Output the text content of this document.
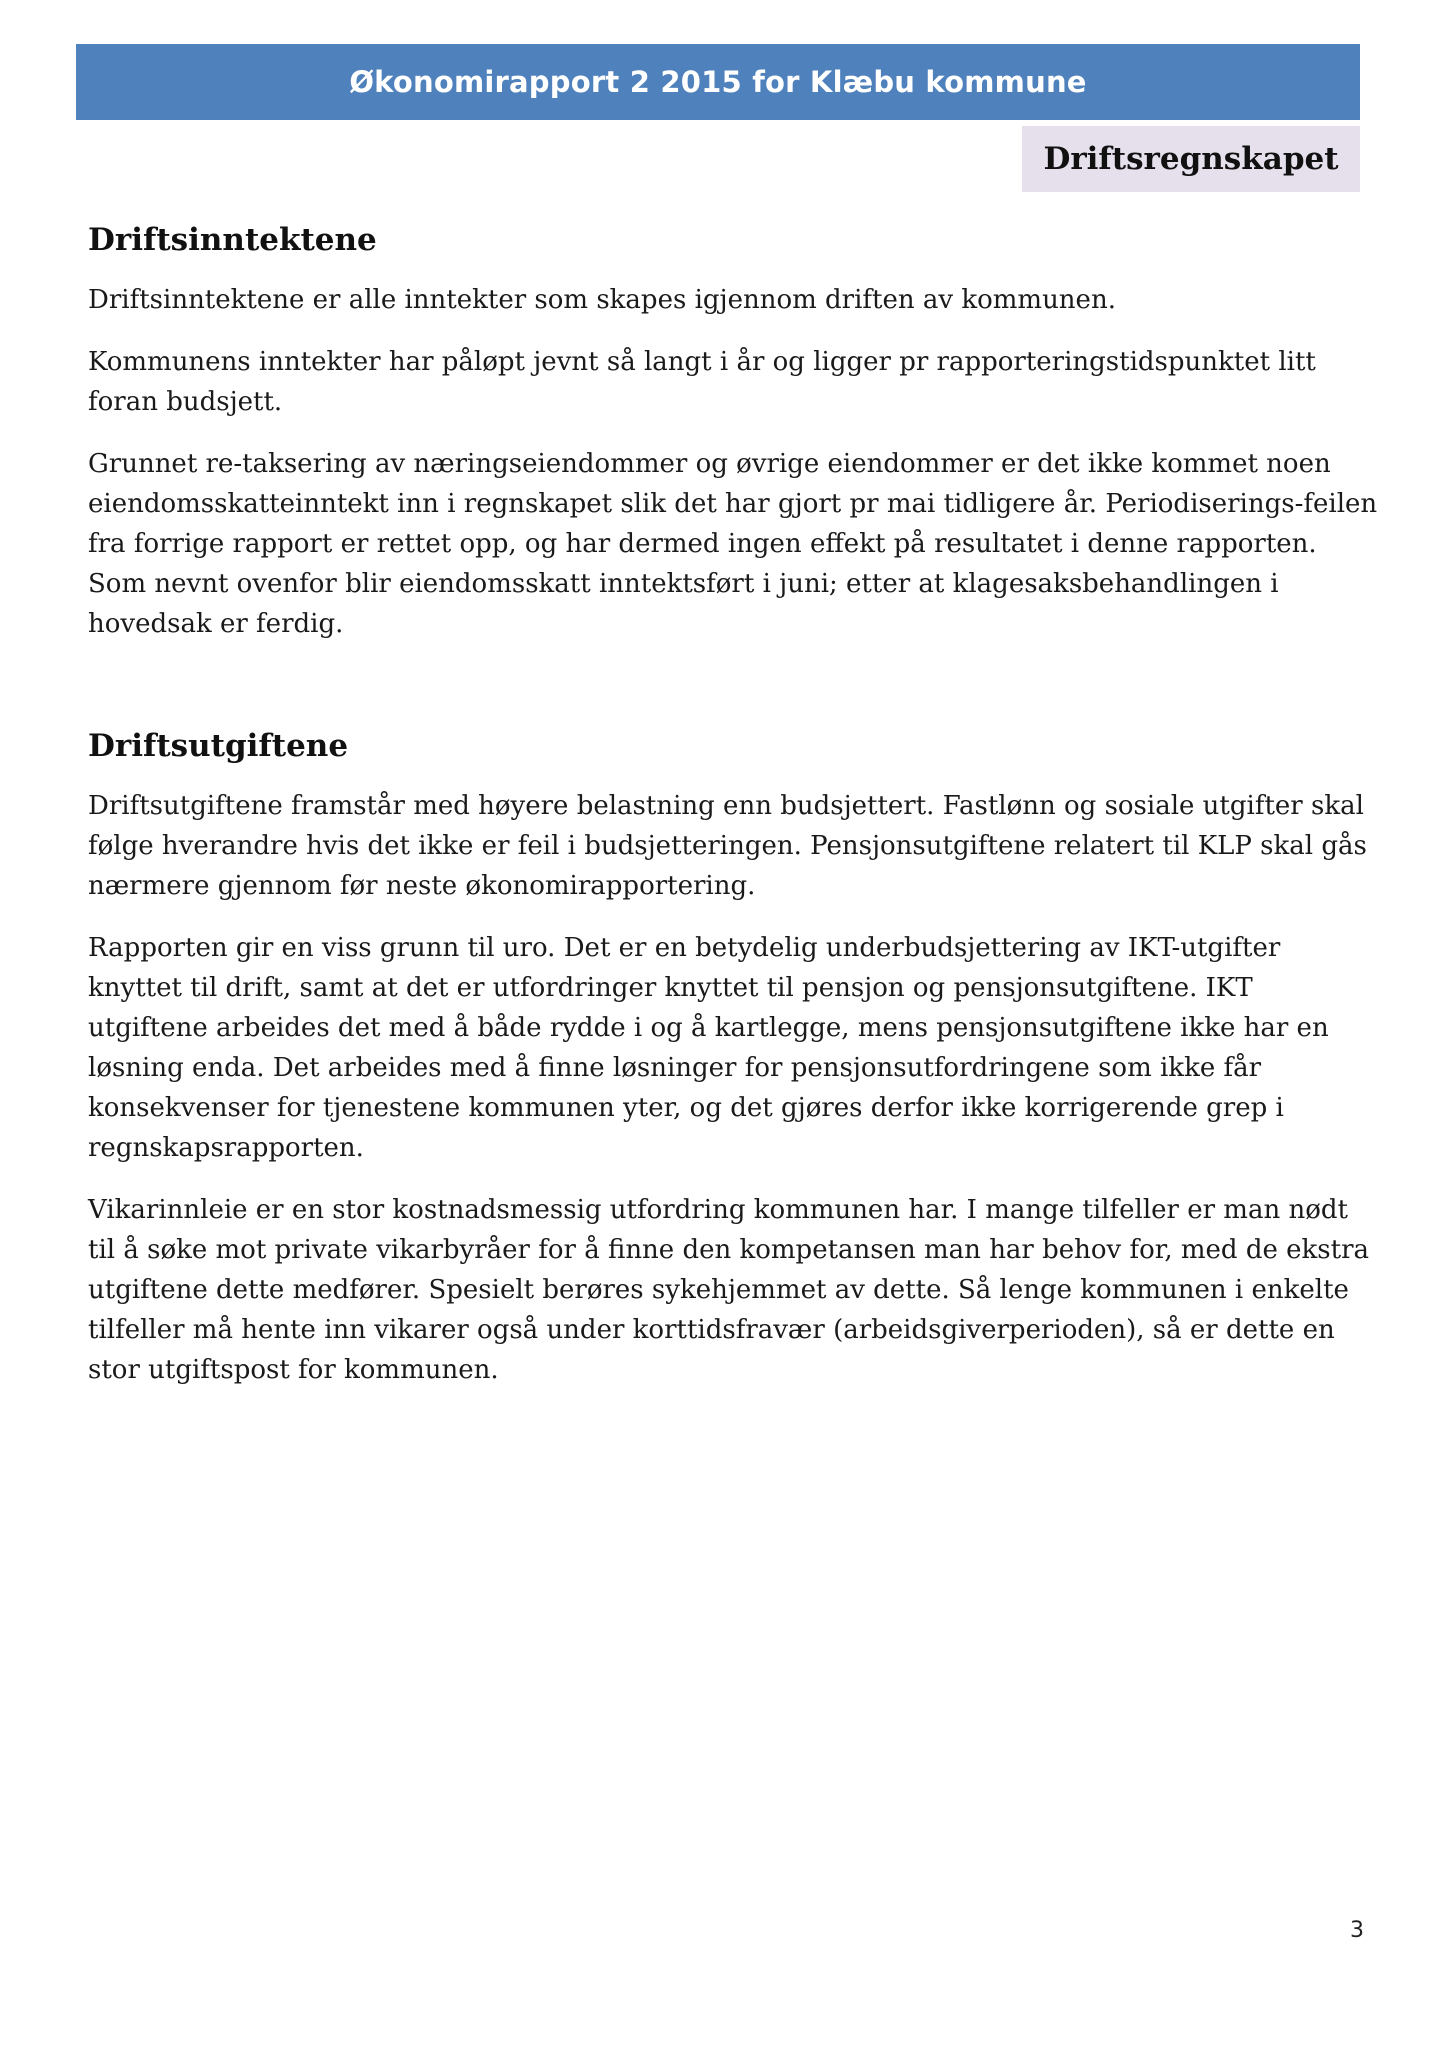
Økonomirapport 2 2015 for Klæbu kommune
Driftsregnskapet
Driftsinntektene

Driftsinntektene er alle inntekter som skapes igjennom driften av kommunen.

Kommunens inntekter har påløpt jevnt så langt i år og ligger pr rapporteringstidspunktet litt foran budsjett.

Grunnet re-taksering av næringseiendommer og øvrige eiendommer er det ikke kommet noen eiendomsskatteinntekt inn i regnskapet slik det har gjort pr mai tidligere år. Periodiserings-feilen fra forrige rapport er rettet opp, og har dermed ingen effekt på resultatet i denne rapporten. Som nevnt ovenfor blir eiendomsskatt inntektsført i juni; etter at klagesaksbehandlingen i hovedsak er ferdig.

Driftsutgiftene

Driftsutgiftene framstår med høyere belastning enn budsjettert. Fastlønn og sosiale utgifter skal følge hverandre hvis det ikke er feil i budsjetteringen. Pensjonsutgiftene relatert til KLP skal gås nærmere gjennom før neste økonomirapportering.

Rapporten gir en viss grunn til uro. Det er en betydelig underbudsjettering av IKT-utgifter knyttet til drift, samt at det er utfordringer knyttet til pensjon og pensjonsutgiftene. IKT utgiftene arbeides det med å både rydde i og å kartlegge, mens pensjonsutgiftene ikke har en løsning enda. Det arbeides med å finne løsninger for pensjonsutfordringene som ikke får konsekvenser for tjenestene kommunen yter, og det gjøres derfor ikke korrigerende grep i regnskapsrapporten.

Vikarinnleie er en stor kostnadsmessig utfordring kommunen har. I mange tilfeller er man nødt til å søke mot private vikarbyråer for å finne den kompetansen man har behov for, med de ekstra utgiftene dette medfører. Spesielt berøres sykehjemmet av dette. Så lenge kommunen i enkelte tilfeller må hente inn vikarer også under korttidsfravær (arbeidsgiverperioden), så er dette en stor utgiftspost for kommunen.

3
